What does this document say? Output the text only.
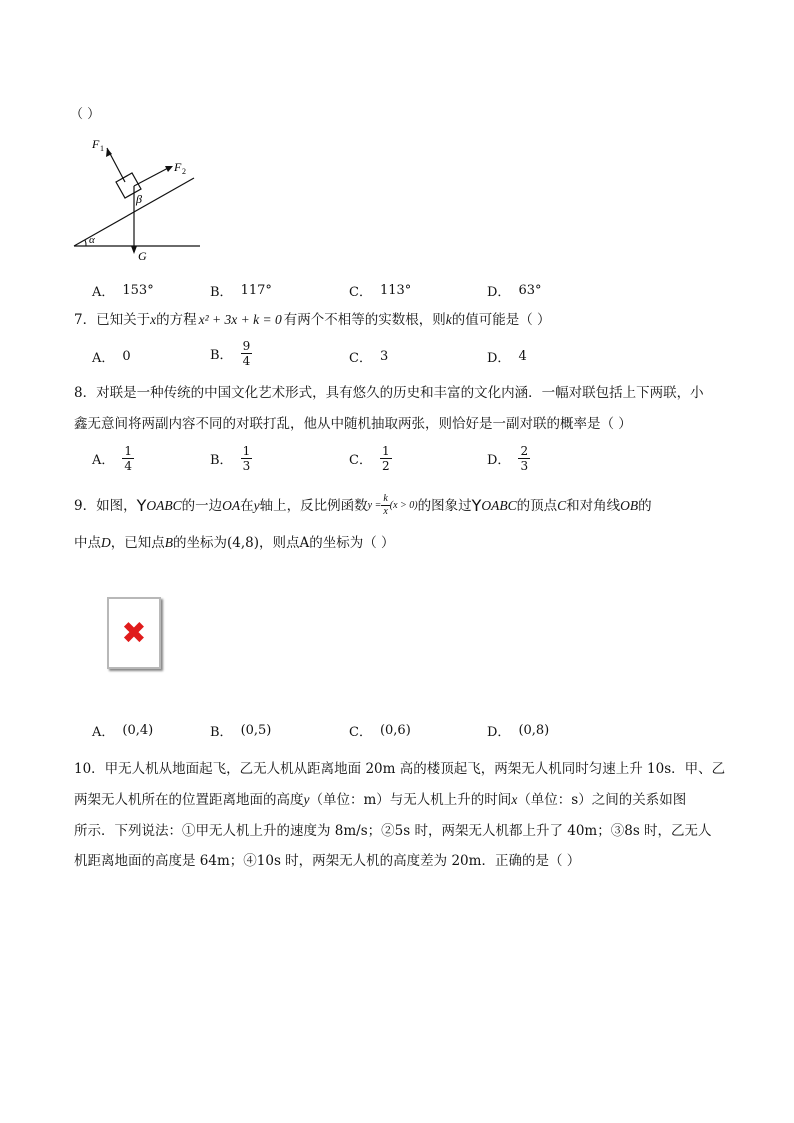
（ ）
F 1
F 2
β
α
G
A． 153°	B． 117°	C． 113°	D． 63°
7．已知关于x的方程 x² + 3x + k = 0 有两个不相等的实数根，则k的值可能是（ ）
A． 0	B． $\frac{9}{4}$	C． 3	D． 4
8．对联是一种传统的中国文化艺术形式，具有悠久的历史和丰富的文化内涵．一幅对联包括上下两联，小
鑫无意间将两副内容不同的对联打乱，他从中随机抽取两张，则恰好是一副对联的概率是（ ）
A． $\frac{1}{4}$	B． $\frac{1}{3}$	C． $\frac{1}{2}$	D． $\frac{2}{3}$
9．如图， Y OABC 的一边 OA 在 y 轴上，反比例函数 $y = \frac{k}{x} (x > 0)$ 的图象过 Y OABC 的顶点 C 和对角线 OB 的
中点D，已知点B的坐标为(4,8)，则点A的坐标为（ ）
✖
A． (0,4)	B． (0,5)	C． (0,6)	D． (0,8)
10．甲无人机从地面起飞，乙无人机从距离地面 20m 高的楼顶起飞，两架无人机同时匀速上升 10s．甲、乙
两架无人机所在的位置距离地面的高度y（单位：m）与无人机上升的时间x（单位：s）之间的关系如图
所示．下列说法：①甲无人机上升的速度为 8m/s；②5s 时，两架无人机都上升了 40m；③8s 时，乙无人
机距离地面的高度是 64m；④10s 时，两架无人机的高度差为 20m．正确的是（ ）
